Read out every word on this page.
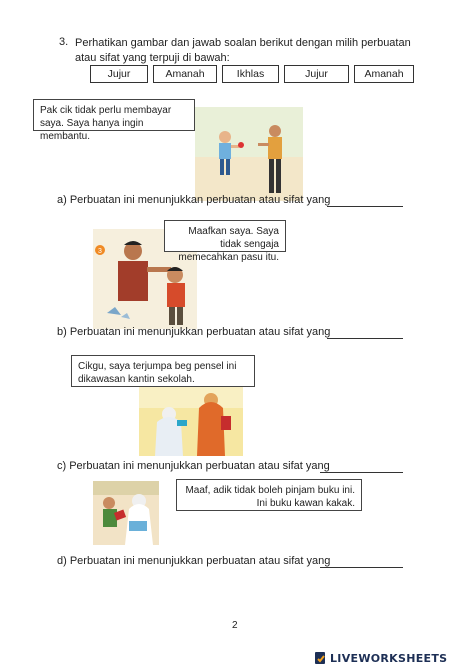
3. Perhatikan gambar dan jawab soalan berikut dengan milih perbuatan atau sifat yang terpuji di bawah:
Jujur	Amanah	Ikhlas	Jujur	Amanah
Pak cik tidak perlu membayar saya. Saya hanya ingin membantu.
a) Perbuatan ini menunjukkan perbuatan atau sifat yang
3
Maafkan saya. Saya tidak sengaja memecahkan pasu itu.
b) Perbuatan ini menunjukkan perbuatan atau sifat yang
Cikgu, saya terjumpa beg pensel ini dikawasan kantin sekolah.
c) Perbuatan ini menunjukkan perbuatan atau sifat yang
Maaf, adik tidak boleh pinjam buku ini. Ini buku kawan kakak.
d) Perbuatan ini menunjukkan perbuatan atau sifat yang
2
LIVEWORKSHEETS
